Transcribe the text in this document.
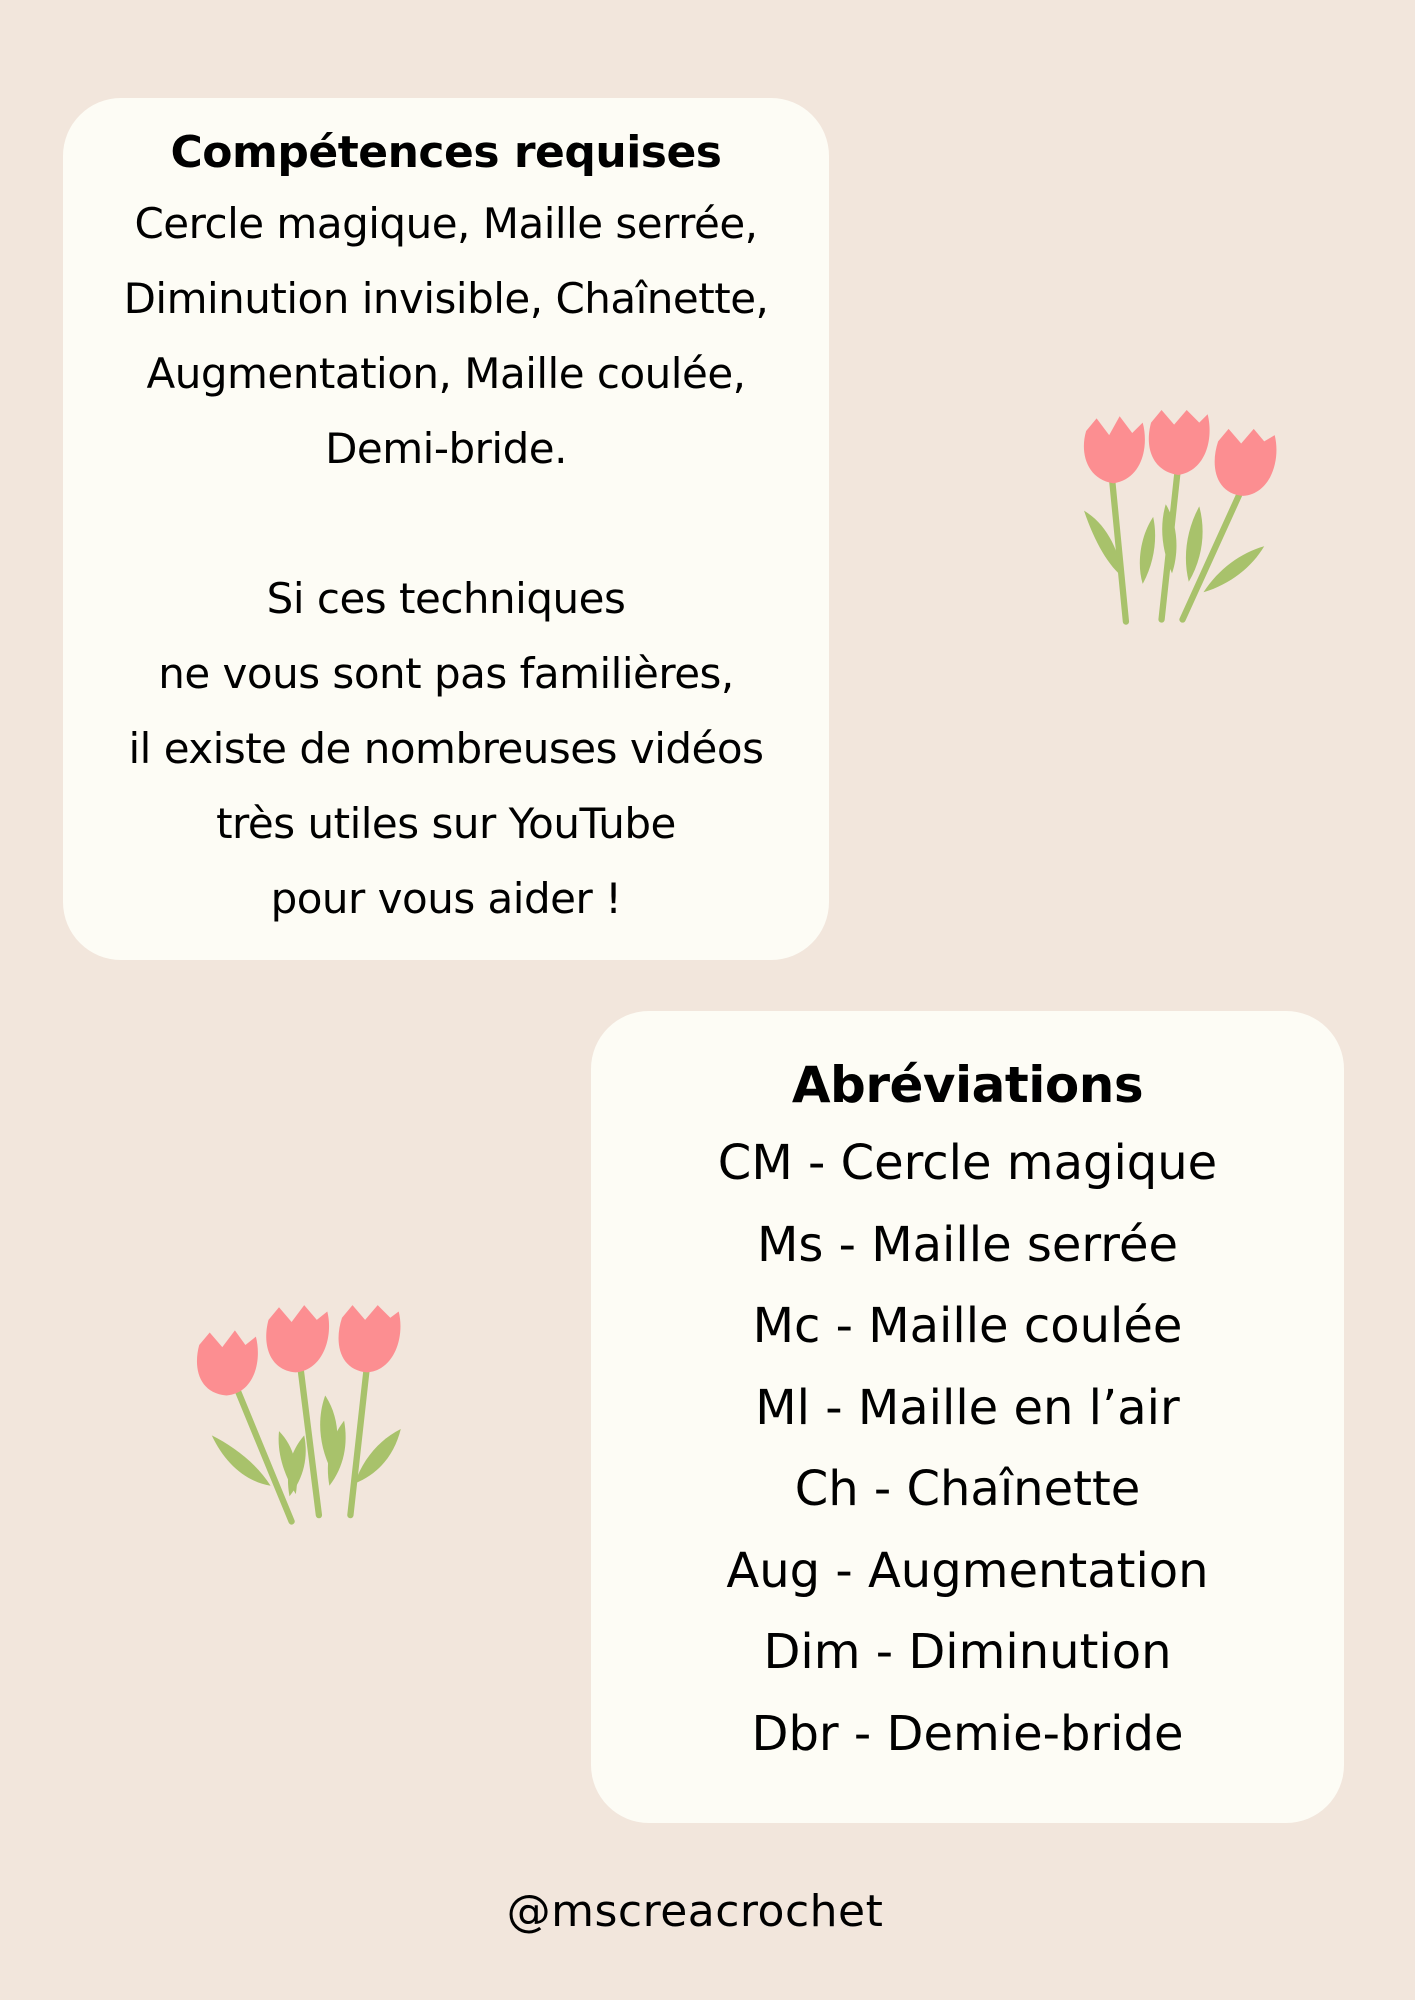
Compétences requises
Cercle magique, Maille serrée,
Diminution invisible, Chaînette,
Augmentation, Maille coulée,
Demi-bride.
Si ces techniques
ne vous sont pas familières,
il existe de nombreuses vidéos
très utiles sur YouTube
pour vous aider !
Abréviations
CM - Cercle magique
Ms - Maille serrée
Mc - Maille coulée
Ml - Maille en l’air
Ch - Chaînette
Aug - Augmentation
Dim - Diminution
Dbr - Demie-bride
@mscreacrochet
